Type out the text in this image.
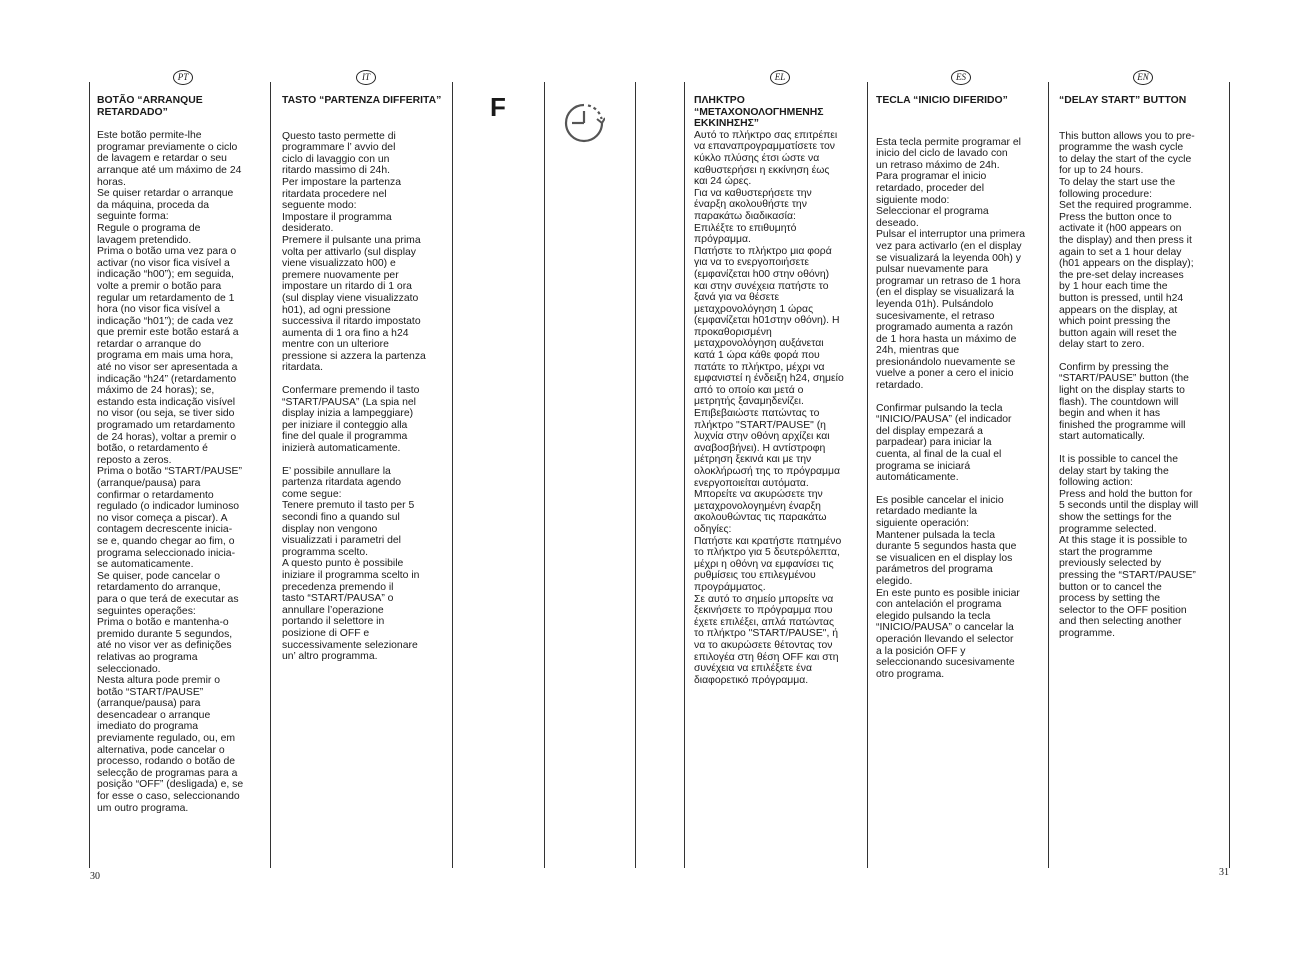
F
PT
BOTÃO “ARRANQUE
RETARDADO”

Este botão permite-lhe
programar previamente o ciclo
de lavagem e retardar o seu
arranque até um máximo de 24
horas.
Se quiser retardar o arranque
da máquina, proceda da
seguinte forma:
Regule o programa de
lavagem pretendido.
Prima o botão uma vez para o
activar (no visor fica visível a
indicação “h00”); em seguida,
volte a premir o botão para
regular um retardamento de 1
hora (no visor fica visível a
indicação “h01”); de cada vez
que premir este botão estará a
retardar o arranque do
programa em mais uma hora,
até no visor ser apresentada a
indicação “h24” (retardamento
máximo de 24 horas); se,
estando esta indicação visível
no visor (ou seja, se tiver sido
programado um retardamento
de 24 horas), voltar a premir o
botão, o retardamento é
reposto a zeros.
Prima o botão “START/PAUSE”
(arranque/pausa) para
confirmar o retardamento
regulado (o indicador luminoso
no visor começa a piscar). A
contagem decrescente inicia-
se e, quando chegar ao fim, o
programa seleccionado inicia-
se automaticamente.
Se quiser, pode cancelar o
retardamento do arranque,
para o que terá de executar as
seguintes operações:
Prima o botão e mantenha-o
premido durante 5 segundos,
até no visor ver as definições
relativas ao programa
seleccionado.
Nesta altura pode premir o
botão “START/PAUSE”
(arranque/pausa) para
desencadear o arranque
imediato do programa
previamente regulado, ou, em
alternativa, pode cancelar o
processo, rodando o botão de
selecção de programas para a
posição “OFF” (desligada) e, se
for esse o caso, seleccionando
um outro programa.

IT
TASTO “PARTENZA DIFFERITA”

Questo tasto permette di
programmare l’ avvio del
ciclo di lavaggio con un
ritardo massimo di 24h.
Per impostare la partenza
ritardata procedere nel
seguente modo:
Impostare il programma
desiderato.
Premere il pulsante una prima
volta per attivarlo (sul display
viene visualizzato h00) e
premere nuovamente per
impostare un ritardo di 1 ora
(sul display viene visualizzato
h01), ad ogni pressione
successiva il ritardo impostato
aumenta di 1 ora fino a h24
mentre con un ulteriore
pressione si azzera la partenza
ritardata.

Confermare premendo il tasto
“START/PAUSA” (La spia nel
display inizia a lampeggiare)
per iniziare il conteggio alla
fine del quale il programma
inizierà automaticamente.

E’ possibile annullare la
partenza ritardata agendo
come segue:
Tenere premuto il tasto per 5
secondi fino a quando sul
display non vengono
visualizzati i parametri del
programma scelto.
A questo punto è possibile
iniziare il programma scelto in
precedenza premendo il
tasto “START/PAUSA” o
annullare l’operazione
portando il selettore in
posizione di OFF e
successivamente selezionare
un’ altro programma.

EL
ΠΛΗΚΤΡΟ
“ΜΕΤΑΧΟΝΟΛΟΓΗΜΕΝΗΣ
ΕΚΚΙΝΗΣΗΣ”

Αυτό το πλήκτρο σας επιτρέπει
να επαναπρογραμματίσετε τον
κύκλο πλύσης έτσι ώστε να
καθυστερήσει η εκκίνηση έως
και 24 ώρες.
Για να καθυστερήσετε την
έναρξη ακολουθήστε την
παρακάτω διαδικασία:
Επιλέξτε το επιθυμητό
πρόγραμμα.
Πατήστε το πλήκτρο μια φορά
για να το ενεργοποιήσετε
(εμφανίζεται h00 στην οθόνη)
και στην συνέχεια πατήστε το
ξανά για να θέσετε
μεταχρονολόγηση 1 ώρας
(εμφανίζεται h01στην οθόνη). Η
προκαθορισμένη
μεταχρονολόγηση αυξάνεται
κατά 1 ώρα κάθε φορά που
πατάτε το πλήκτρο, μέχρι να
εμφανιστεί η ένδειξη h24, σημείο
από το οποίο και μετά ο
μετρητής ξαναμηδενίζει.
Επιβεβαιώστε πατώντας το
πλήκτρο "START/PAUSE" (η
λυχνία στην οθόνη αρχίζει και
αναβοσβήνει). Η αντίστροφη
μέτρηση ξεκινά και με την
ολοκλήρωσή της το πρόγραμμα
ενεργοποιείται αυτόματα.
Μπορείτε να ακυρώσετε την
μεταχρονολογημένη έναρξη
ακολουθώντας τις παρακάτω
οδηγίες:
Πατήστε και κρατήστε πατημένο
το πλήκτρο για 5 δευτερόλεπτα,
μέχρι η οθόνη να εμφανίσει τις
ρυθμίσεις του επιλεγμένου
προγράμματος.
Σε αυτό το σημείο μπορείτε να
ξεκινήσετε το πρόγραμμα που
έχετε επιλέξει, απλά πατώντας
το πλήκτρο "START/PAUSE", ή
να το ακυρώσετε θέτοντας τον
επιλογέα στη θέση OFF και στη
συνέχεια να επιλέξετε ένα
διαφορετικό πρόγραμμα.

ES
TECLA “INICIO DIFERIDO”

Esta tecla permite programar el
inicio del ciclo de lavado con
un retraso máximo de 24h.
Para programar el inicio
retardado, proceder del
siguiente modo:
Seleccionar el programa
deseado.
Pulsar el interruptor una primera
vez para activarlo (en el display
se visualizará la leyenda 00h) y
pulsar nuevamente para
programar un retraso de 1 hora
(en el display se visualizará la
leyenda 01h). Pulsándolo
sucesivamente, el retraso
programado aumenta a razón
de 1 hora hasta un máximo de
24h, mientras que
presionándolo nuevamente se
vuelve a poner a cero el inicio
retardado.

Confirmar pulsando la tecla
“INICIO/PAUSA” (el indicador
del display empezará a
parpadear) para iniciar la
cuenta, al final de la cual el
programa se iniciará
automáticamente.

Es posible cancelar el inicio
retardado mediante la
siguiente operación:
Mantener pulsada la tecla
durante 5 segundos hasta que
se visualicen en el display los
parámetros del programa
elegido.
En este punto es posible iniciar
con antelación el programa
elegido pulsando la tecla
“INICIO/PAUSA” o cancelar la
operación llevando el selector
a la posición OFF y
seleccionando sucesivamente
otro programa.

EN
“DELAY START” BUTTON

This button allows you to pre-
programme the wash cycle
to delay the start of the cycle
for up to 24 hours.
To delay the start use the
following procedure:
Set the required programme.
Press the button once to
activate it (h00 appears on
the display) and then press it
again to set a 1 hour delay
(h01 appears on the display);
the pre-set delay increases
by 1 hour each time the
button is pressed, until h24
appears on the display, at
which point pressing the
button again will reset the
delay start to zero.

Confirm by pressing the
“START/PAUSE” button (the
light on the display starts to
flash). The countdown will
begin and when it has
finished the programme will
start automatically.

It is possible to cancel the
delay start by taking the
following action:
Press and hold the button for
5 seconds until the display will
show the settings for the
programme selected.
At this stage it is possible to
start the programme
previously selected by
pressing the “START/PAUSE”
button or to cancel the
process by setting the
selector to the OFF position
and then selecting another
programme.

30	31
